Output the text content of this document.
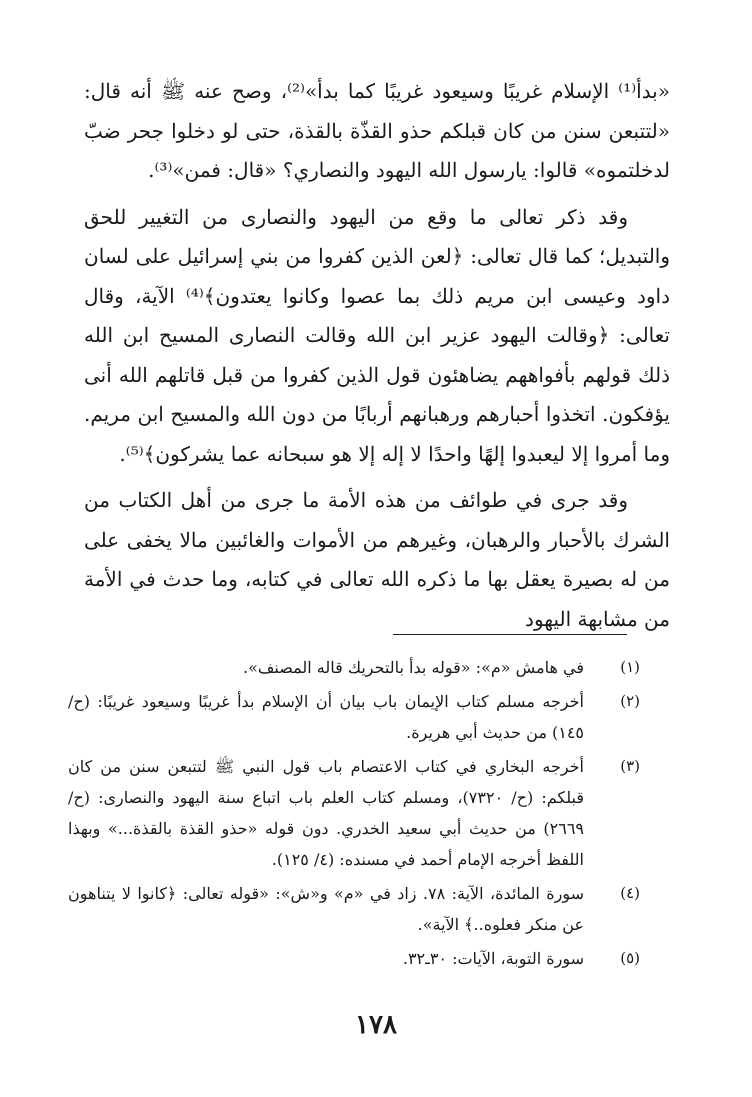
«بدأ⁽¹⁾ الإسلام غريبًا وسيعود غريبًا كما بدأ»⁽²⁾، وصح عنه ﷺ أنه قال: «لتتبعن سنن من كان قبلكم حذو القذّة بالقذة، حتى لو دخلوا جحر ضبّ لدخلتموه» قالوا: يارسول الله اليهود والنصاري؟ «قال: فمن»⁽³⁾.

وقد ذكر تعالى ما وقع من اليهود والنصارى من التغيير للحق والتبديل؛ كما قال تعالى: ﴿لعن الذين كفروا من بني إسرائيل على لسان داود وعيسى ابن مريم ذلك بما عصوا وكانوا يعتدون﴾⁽⁴⁾ الآية، وقال تعالى: ﴿وقالت اليهود عزير ابن الله وقالت النصارى المسيح ابن الله ذلك قولهم بأفواههم يضاهئون قول الذين كفروا من قبل قاتلهم الله أنى يؤفكون. اتخذوا أحبارهم ورهبانهم أربابًا من دون الله والمسيح ابن مريم. وما أمروا إلا ليعبدوا إلهًا واحدًا لا إله إلا هو سبحانه عما يشركون﴾⁽⁵⁾.

وقد جرى في طوائف من هذه الأمة ما جرى من أهل الكتاب من الشرك بالأحبار والرهبان، وغيرهم من الأموات والغائبين مالا يخفى على من له بصيرة يعقل بها ما ذكره الله تعالى في كتابه، وما حدث في الأمة من مشابهة اليهود

(١)
في هامش «م»: «قوله بدأ بالتحريك قاله المصنف».
(٢)
أخرجه مسلم كتاب الإيمان باب بيان أن الإسلام بدأ غريبًا وسيعود غريبًا: (ح/ ١٤٥) من حديث أبي هريرة.
(٣)
أخرجه البخاري في كتاب الاعتصام باب قول النبي ﷺ لتتبعن سنن من كان قبلكم: (ح/ ٧٣٢٠)، ومسلم كتاب العلم باب اتباع سنة اليهود والنصارى: (ح/ ٢٦٦٩) من حديث أبي سعيد الخدري. دون قوله «حذو القذة بالقذة...» وبهذا اللفظ أخرجه الإمام أحمد في مسنده: (٤/ ١٢٥).
(٤)
سورة المائدة، الآية: ٧٨. زاد في «م» و«ش»: «قوله تعالى: ﴿كانوا لا يتناهون عن منكر فعلوه..﴾ الآية».
(٥)
سورة التوبة، الآيات: ٣٠ـ٣٢.
١٧٨
